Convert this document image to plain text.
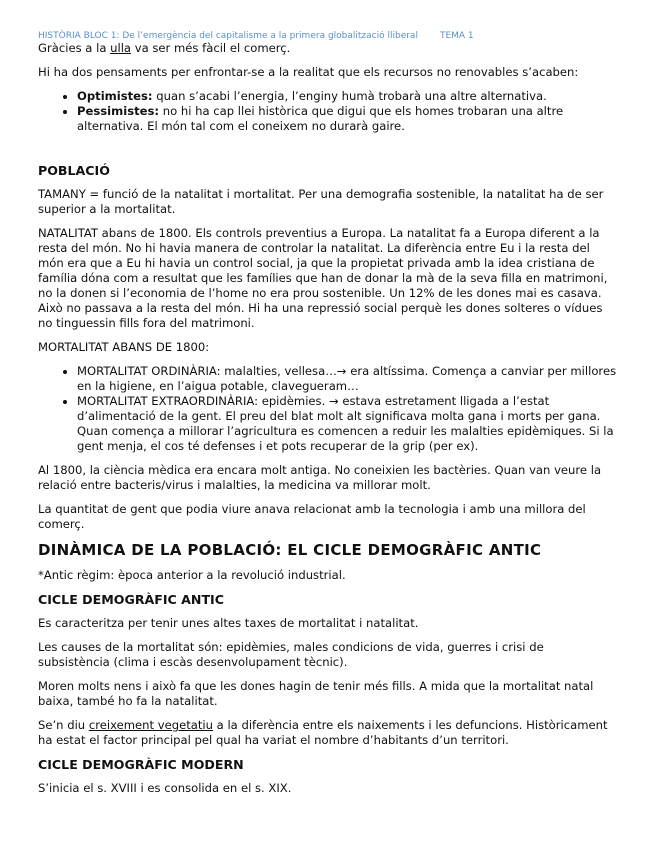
HISTÒRIA BLOC 1: De l’emergència del capitalisme a la primera globalització lliberal TEMA 1

Gràcies a la ulla va ser més fàcil el comerç.

Hi ha dos pensaments per enfrontar-se a la realitat que els recursos no renovables s’acaben:

• Optimistes: quan s’acabi l’energia, l’enginy humà trobarà una altre alternativa.
• Pessimistes: no hi ha cap llei històrica que digui que els homes trobaran una altre alternativa. El món tal com el coneixem no durarà gaire.
POBLACIÓ

TAMANY = funció de la natalitat i mortalitat. Per una demografia sostenible, la natalitat ha de ser superior a la mortalitat.

NATALITAT abans de 1800. Els controls preventius a Europa. La natalitat fa a Europa diferent a la resta del món. No hi havia manera de controlar la natalitat. La diferència entre Eu i la resta del món era que a Eu hi havia un control social, ja que la propietat privada amb la idea cristiana de família dóna com a resultat que les famílies que han de donar la mà de la seva filla en matrimoni, no la donen si l’economia de l’home no era prou sostenible. Un 12% de les dones mai es casava. Això no passava a la resta del món. Hi ha una repressió social perquè les dones solteres o vídues no tinguessin fills fora del matrimoni.

MORTALITAT ABANS DE 1800:

• MORTALITAT ORDINÀRIA: malalties, vellesa…→ era altíssima. Comença a canviar per millores en la higiene, en l’aigua potable, clavegueram…
• MORTALITAT EXTRAORDINÀRIA: epidèmies. → estava estretament lligada a l’estat d’alimentació de la gent. El preu del blat molt alt significava molta gana i morts per gana. Quan comença a millorar l’agricultura es comencen a reduir les malalties epidèmiques. Si la gent menja, el cos té defenses i et pots recuperar de la grip (per ex).

Al 1800, la ciència mèdica era encara molt antiga. No coneixien les bactèries. Quan van veure la relació entre bacteris/virus i malalties, la medicina va millorar molt.

La quantitat de gent que podia viure anava relacionat amb la tecnologia i amb una millora del comerç.

DINÀMICA DE LA POBLACIÓ: EL CICLE DEMOGRÀFIC ANTIC

*Antic règim: època anterior a la revolució industrial.

CICLE DEMOGRÀFIC ANTIC

Es caracteritza per tenir unes altes taxes de mortalitat i natalitat.

Les causes de la mortalitat són: epidèmies, males condicions de vida, guerres i crisi de subsistència (clima i escàs desenvolupament tècnic).

Moren molts nens i això fa que les dones hagin de tenir més fills. A mida que la mortalitat natal baixa, també ho fa la natalitat.

Se’n diu creixement vegetatiu a la diferència entre els naixements i les defuncions. Històricament ha estat el factor principal pel qual ha variat el nombre d’habitants d’un territori.

CICLE DEMOGRÀFIC MODERN

S’inicia el s. XVIII i es consolida en el s. XIX.
